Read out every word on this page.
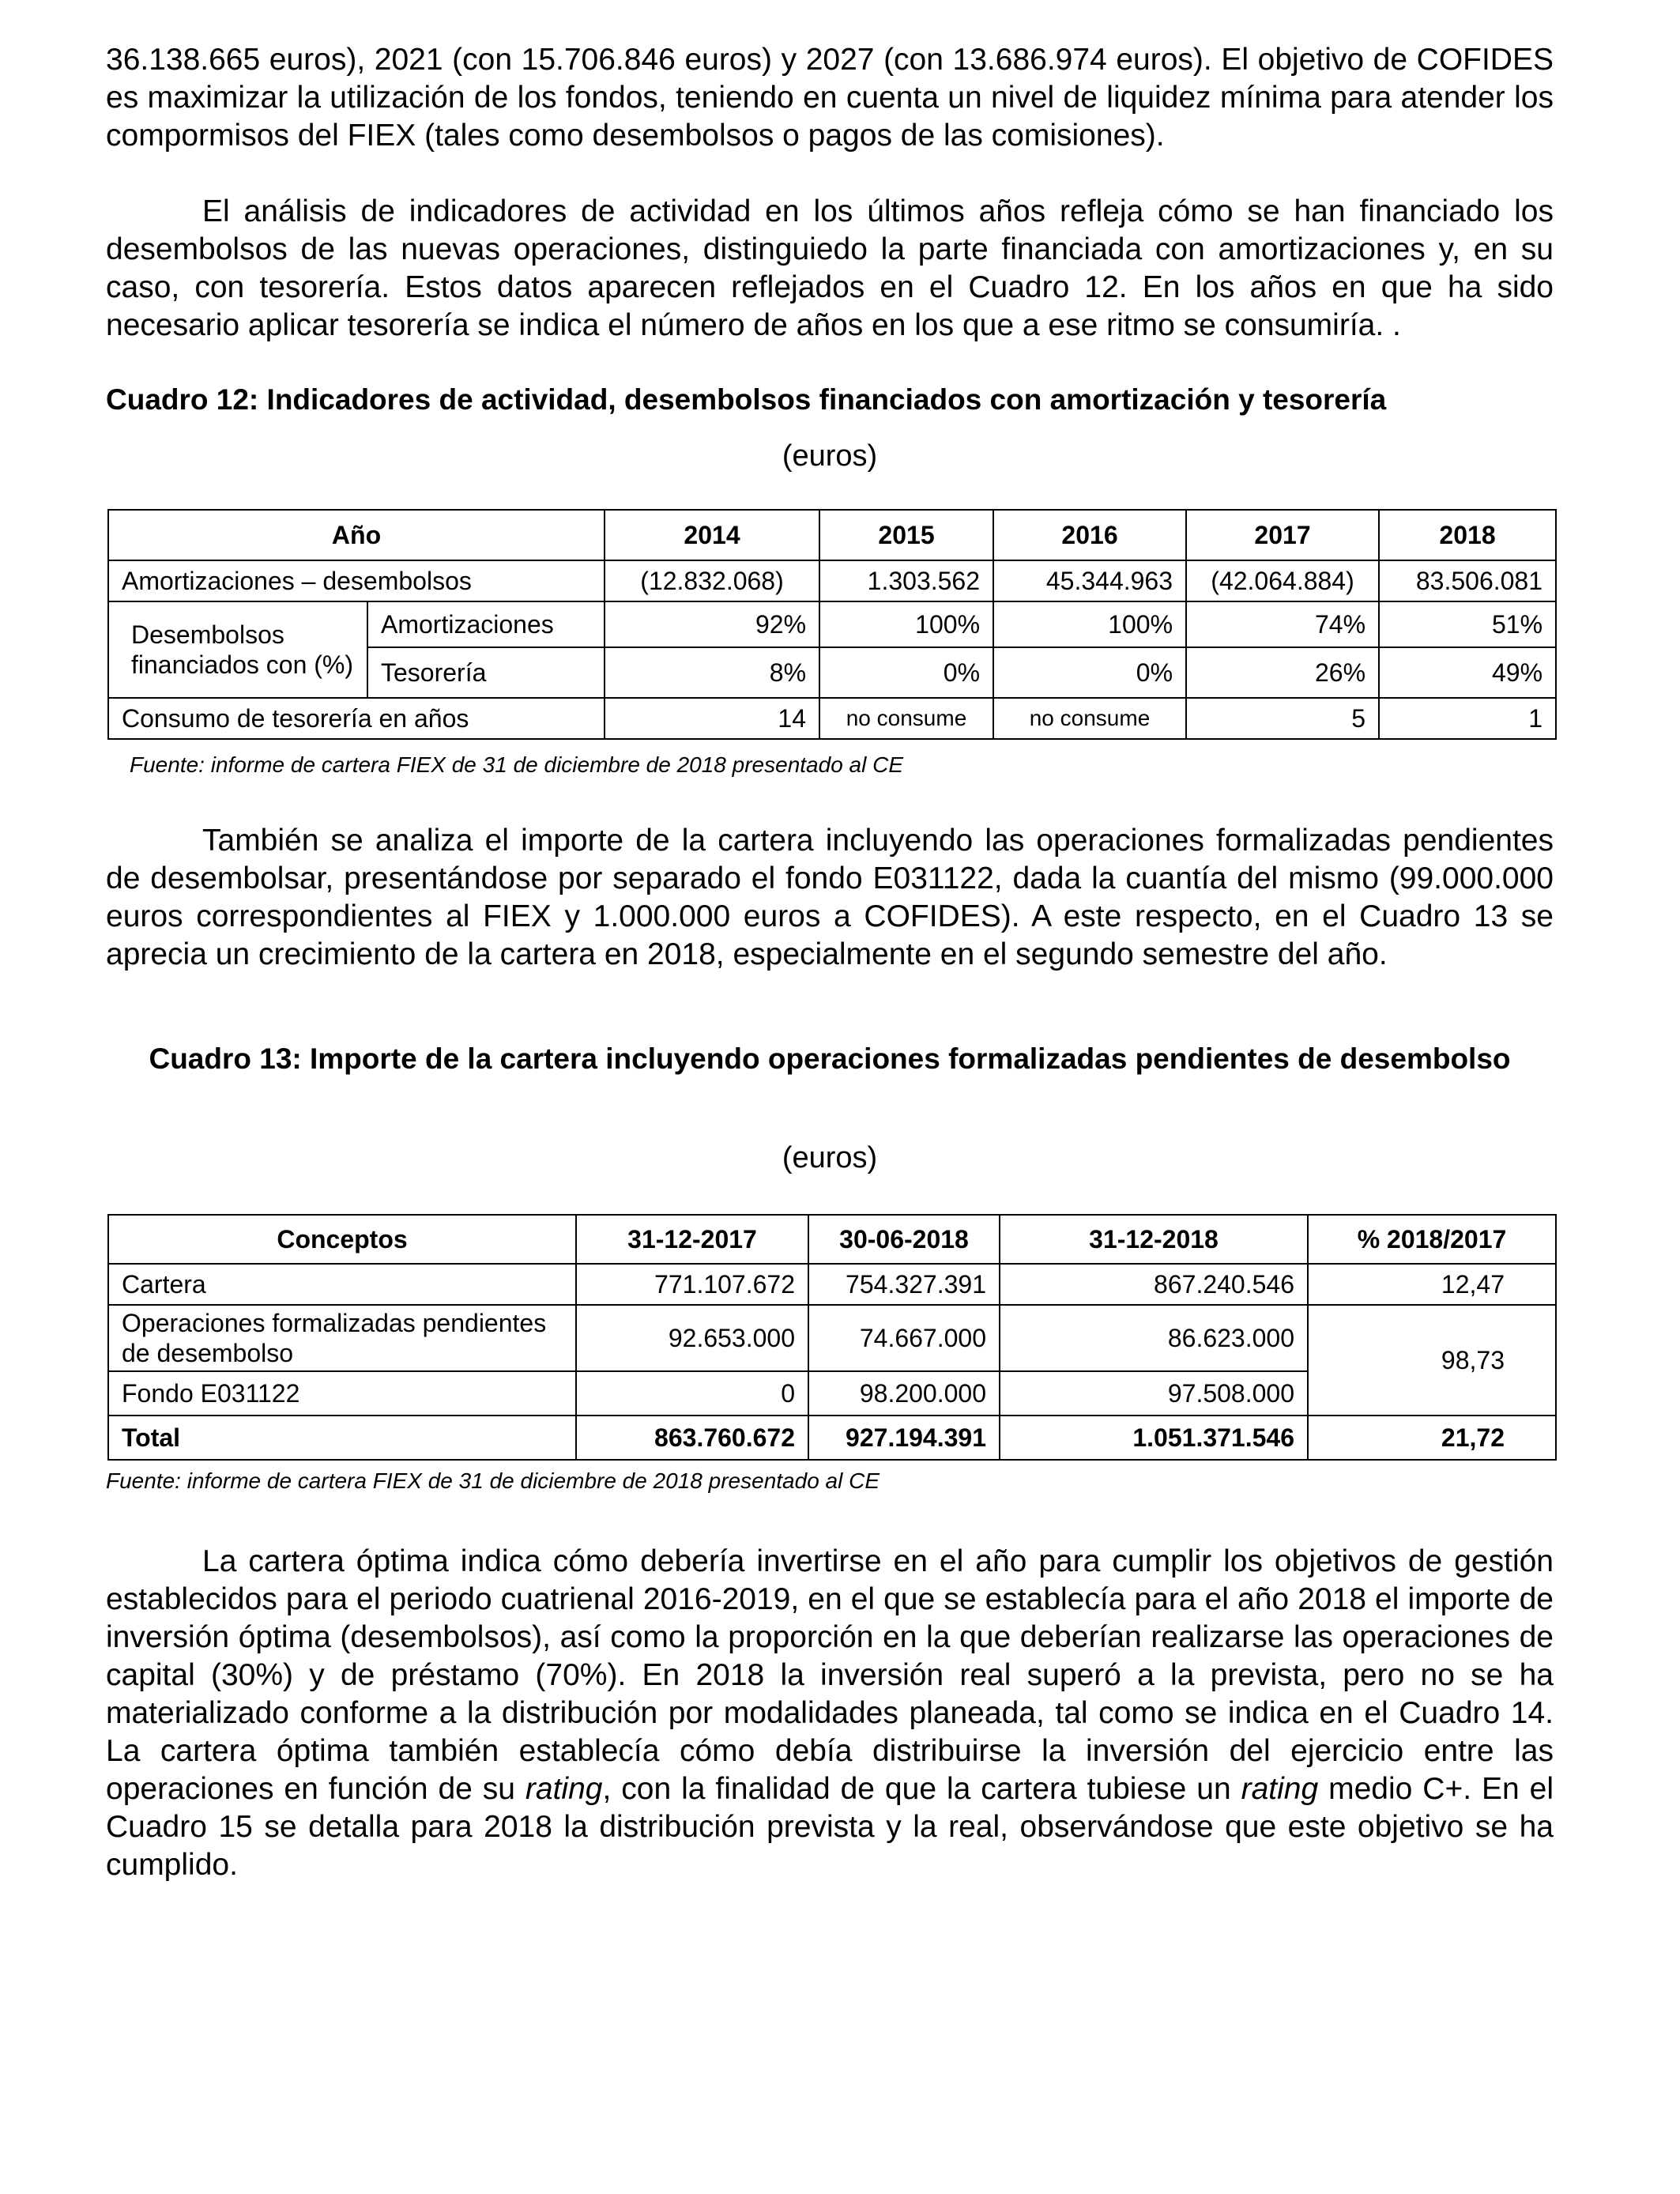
36.138.665 euros), 2021 (con 15.706.846 euros) y 2027 (con 13.686.974 euros). El objetivo de COFIDES es maximizar la utilización de los fondos, teniendo en cuenta un nivel de liquidez mínima para atender los compormisos del FIEX (tales como desembolsos o pagos de las comisiones).

El análisis de indicadores de actividad en los últimos años refleja cómo se han financiado los desembolsos de las nuevas operaciones, distinguiedo la parte financiada con amortizaciones y, en su caso, con tesorería. Estos datos aparecen reflejados en el Cuadro 12. En los años en que ha sido necesario aplicar tesorería se indica el número de años en los que a ese ritmo se consumiría. .

Cuadro 12: Indicadores de actividad, desembolsos financiados con amortización y tesorería
(euros)
Año		2014	2015	2016	2017	2018
Amortizaciones – desembolsos		(12.832.068)	1.303.562	45.344.963	(42.064.884)	83.506.081
Desembolsos financiados con (%)	Amortizaciones	92%	100%	100%	74%	51%
	Tesorería	8%	0%	0%	26%	49%
Consumo de tesorería en años		14	no consume	no consume	5	1
Fuente: informe de cartera FIEX de 31 de diciembre de 2018 presentado al CE

También se analiza el importe de la cartera incluyendo las operaciones formalizadas pendientes de desembolsar, presentándose por separado el fondo E031122, dada la cuantía del mismo (99.000.000 euros correspondientes al FIEX y 1.000.000 euros a COFIDES). A este respecto, en el Cuadro 13 se aprecia un crecimiento de la cartera en 2018, especialmente en el segundo semestre del año.

Cuadro 13: Importe de la cartera incluyendo operaciones formalizadas pendientes de desembolso
(euros)
Conceptos	31-12-2017	30-06-2018	31-12-2018	% 2018/2017
Cartera	771.107.672	754.327.391	867.240.546	12,47
Operaciones formalizadas pendientes de desembolso	92.653.000	74.667.000	86.623.000	98,73
Fondo E031122	0	98.200.000	97.508.000	
Total	863.760.672	927.194.391	1.051.371.546	21,72
Fuente: informe de cartera FIEX de 31 de diciembre de 2018 presentado al CE

La cartera óptima indica cómo debería invertirse en el año para cumplir los objetivos de gestión establecidos para el periodo cuatrienal 2016-2019, en el que se establecía para el año 2018 el importe de inversión óptima (desembolsos), así como la proporción en la que deberían realizarse las operaciones de capital (30%) y de préstamo (70%). En 2018 la inversión real superó a la prevista, pero no se ha materializado conforme a la distribución por modalidades planeada, tal como se indica en el Cuadro 14. La cartera óptima también establecía cómo debía distribuirse la inversión del ejercicio entre las operaciones en función de su rating, con la finalidad de que la cartera tubiese un rating medio C+. En el Cuadro 15 se detalla para 2018 la distribución prevista y la real, observándose que este objetivo se ha cumplido.
